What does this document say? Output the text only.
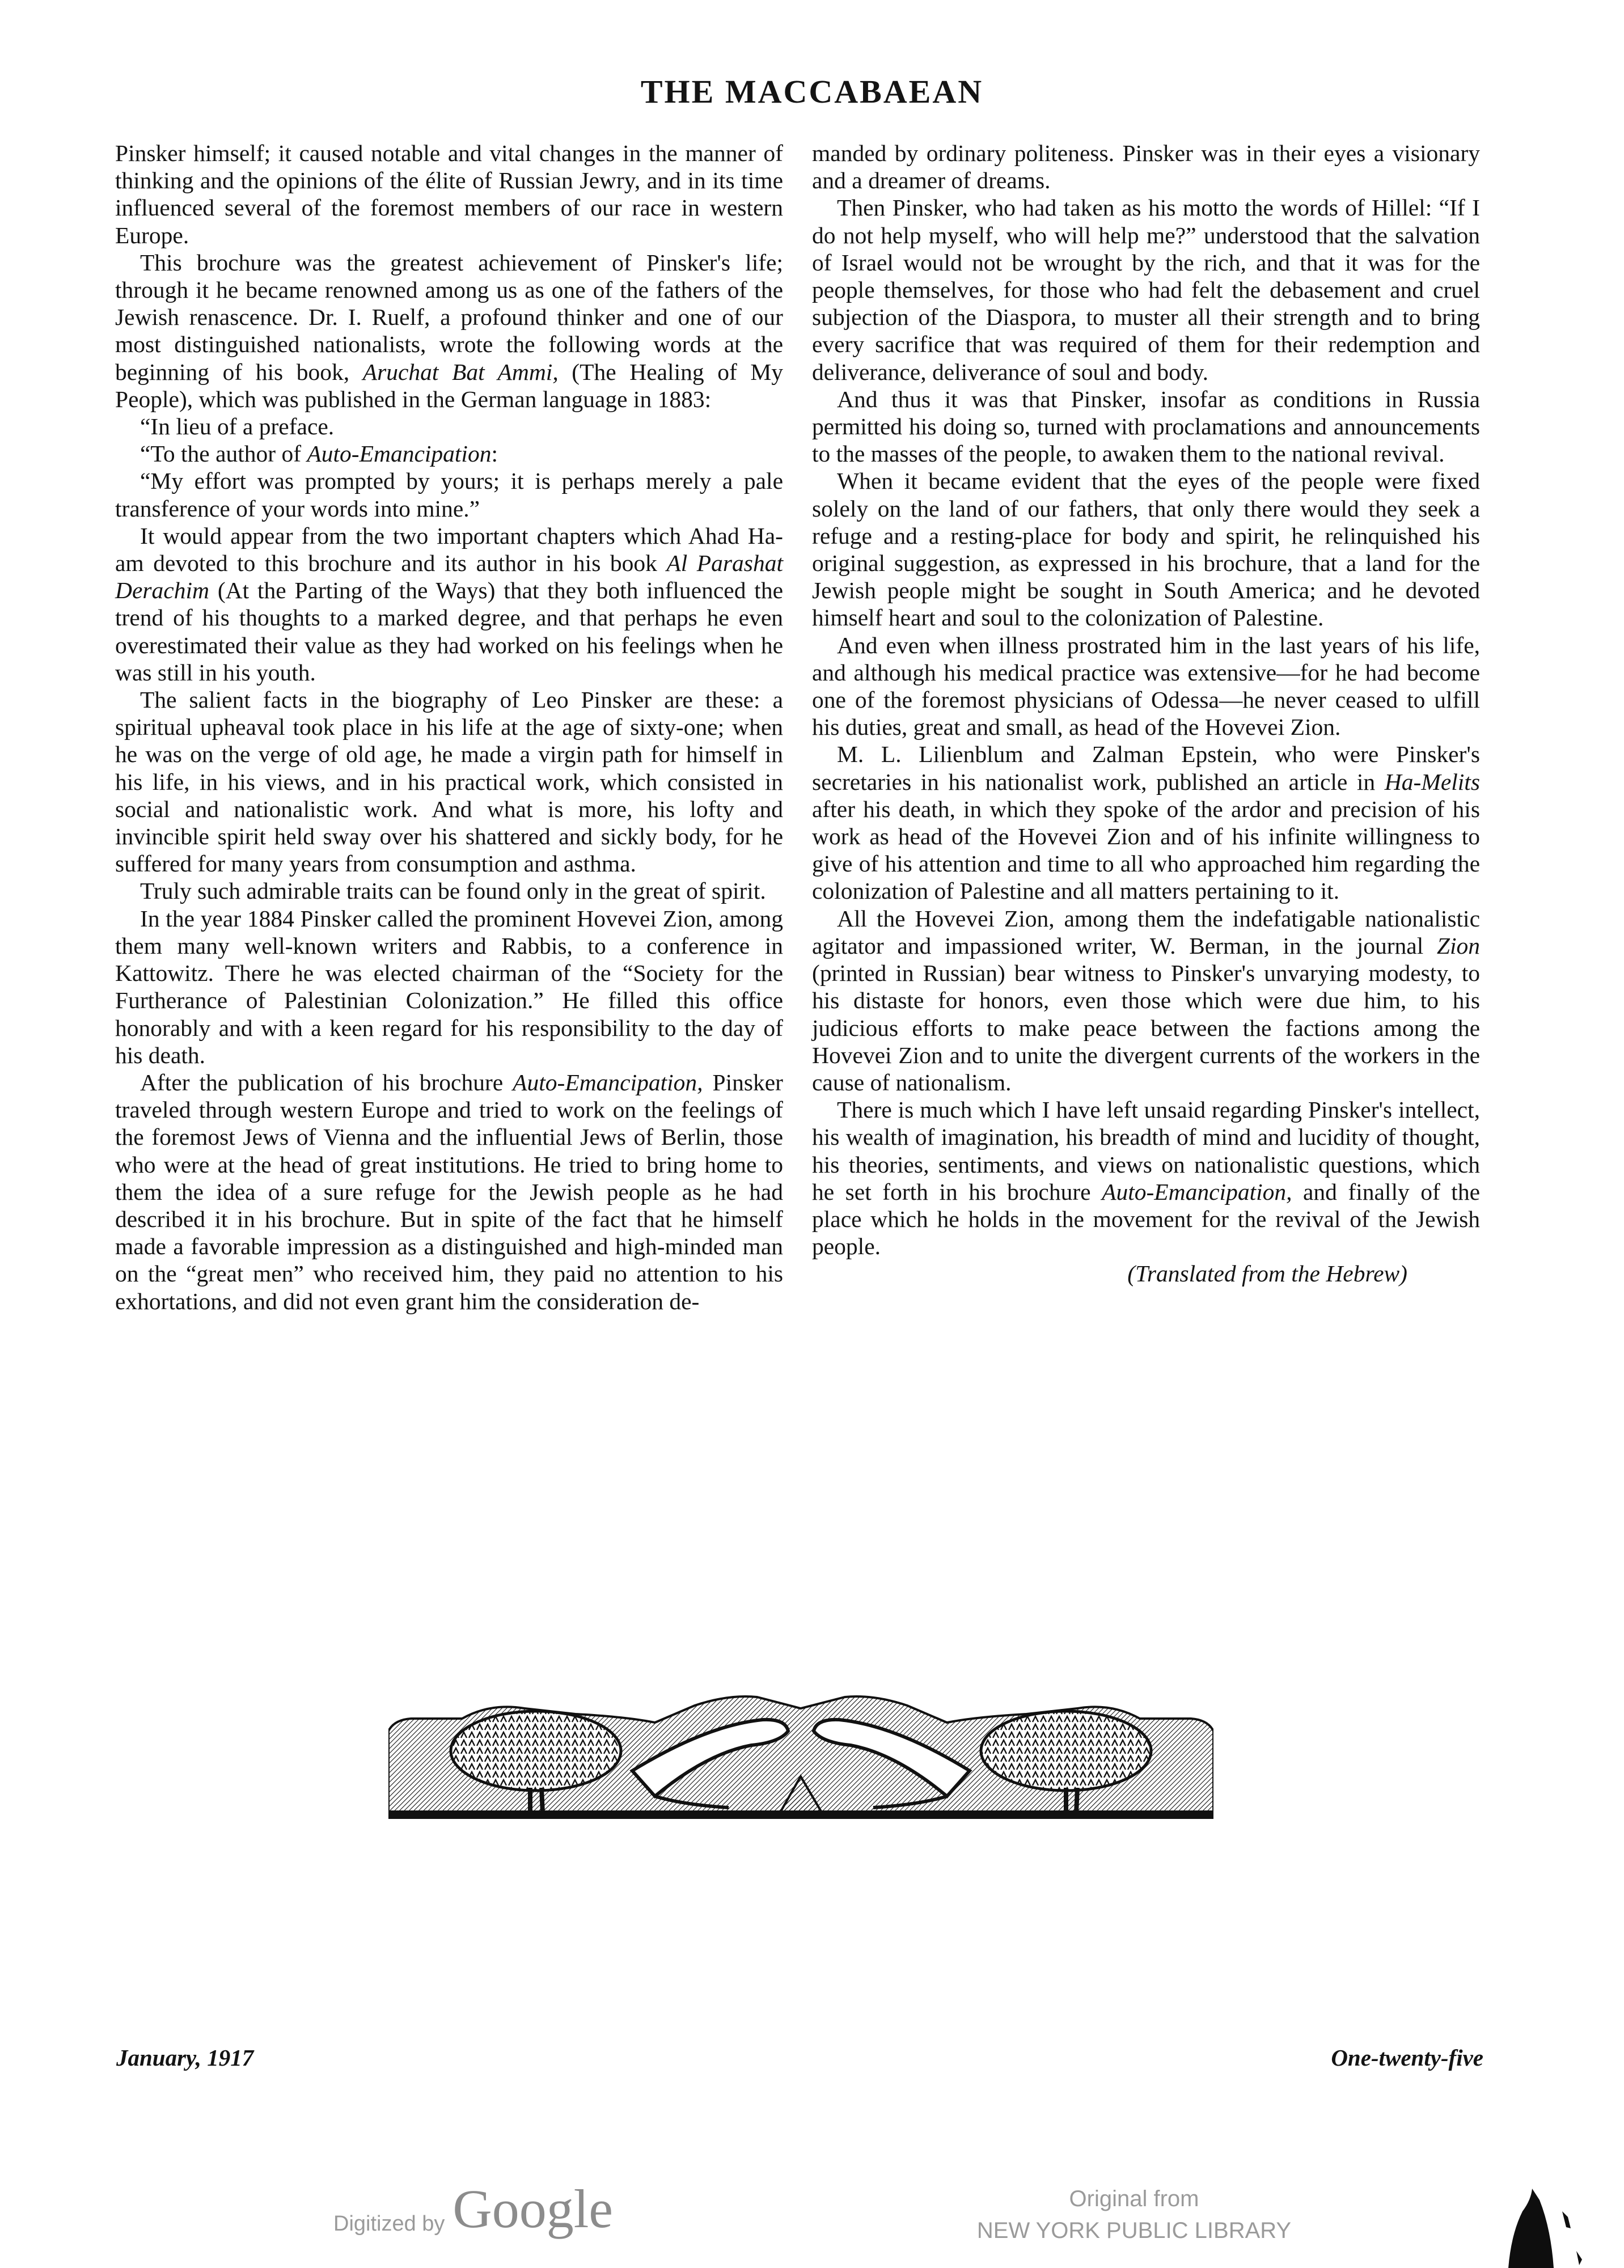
THE MACCABAEAN

Pinsker himself; it caused notable and vital changes in the manner of thinking and the opinions of the élite of Russian Jewry, and in its time influenced several of the foremost members of our race in western Europe.

This brochure was the greatest achievement of Pinsker's life; through it he became renowned among us as one of the fathers of the Jewish renascence. Dr. I. Ruelf, a profound thinker and one of our most distinguished nationalists, wrote the following words at the beginning of his book, Aruchat Bat Ammi, (The Healing of My People), which was published in the German language in 1883:

“In lieu of a preface.

“To the author of Auto-Emancipation:

“My effort was prompted by yours; it is perhaps merely a pale transference of your words into mine.”

It would appear from the two important chapters which Ahad Ha-am devoted to this brochure and its author in his book Al Parashat Derachim (At the Parting of the Ways) that they both influenced the trend of his thoughts to a marked degree, and that perhaps he even overestimated their value as they had worked on his feelings when he was still in his youth.

The salient facts in the biography of Leo Pinsker are these: a spiritual upheaval took place in his life at the age of sixty-one; when he was on the verge of old age, he made a virgin path for himself in his life, in his views, and in his practical work, which consisted in social and nationalistic work. And what is more, his lofty and invincible spirit held sway over his shattered and sickly body, for he suffered for many years from consumption and asthma.

Truly such admirable traits can be found only in the great of spirit.

In the year 1884 Pinsker called the prominent Hovevei Zion, among them many well-known writers and Rabbis, to a conference in Kattowitz. There he was elected chairman of the “Society for the Furtherance of Palestinian Colonization.” He filled this office honorably and with a keen regard for his responsibility to the day of his death.

After the publication of his brochure Auto-Emancipation, Pinsker traveled through western Europe and tried to work on the feelings of the foremost Jews of Vienna and the influential Jews of Berlin, those who were at the head of great institutions. He tried to bring home to them the idea of a sure refuge for the Jewish people as he had described it in his brochure. But in spite of the fact that he himself made a favorable impression as a distinguished and high-minded man on the “great men” who received him, they paid no attention to his exhortations, and did not even grant him the consideration de-

manded by ordinary politeness. Pinsker was in their eyes a visionary and a dreamer of dreams.

Then Pinsker, who had taken as his motto the words of Hillel: “If I do not help myself, who will help me?” understood that the salvation of Israel would not be wrought by the rich, and that it was for the people themselves, for those who had felt the debasement and cruel subjection of the Diaspora, to muster all their strength and to bring every sacrifice that was required of them for their redemption and deliverance, deliverance of soul and body.

And thus it was that Pinsker, insofar as conditions in Russia permitted his doing so, turned with proclamations and announcements to the masses of the people, to awaken them to the national revival.

When it became evident that the eyes of the people were fixed solely on the land of our fathers, that only there would they seek a refuge and a resting-place for body and spirit, he relinquished his original suggestion, as expressed in his brochure, that a land for the Jewish people might be sought in South America; and he devoted himself heart and soul to the colonization of Palestine.

And even when illness prostrated him in the last years of his life, and although his medical practice was extensive—for he had become one of the foremost physicians of Odessa—he never ceased to ulfill his duties, great and small, as head of the Hovevei Zion.

M. L. Lilienblum and Zalman Epstein, who were Pinsker's secretaries in his nationalist work, published an article in Ha-Melits after his death, in which they spoke of the ardor and precision of his work as head of the Hovevei Zion and of his infinite willingness to give of his attention and time to all who approached him regarding the colonization of Palestine and all matters pertaining to it.

All the Hovevei Zion, among them the indefatigable nationalistic agitator and impassioned writer, W. Berman, in the journal Zion (printed in Russian) bear witness to Pinsker's unvarying modesty, to his distaste for honors, even those which were due him, to his judicious efforts to make peace between the factions among the Hovevei Zion and to unite the divergent currents of the workers in the cause of nationalism.

There is much which I have left unsaid regarding Pinsker's intellect, his wealth of imagination, his breadth of mind and lucidity of thought, his theories, sentiments, and views on nationalistic questions, which he set forth in his brochure Auto-Emancipation, and finally of the place which he holds in the movement for the revival of the Jewish people.

(Translated from the Hebrew)

January, 1917	One-twenty-five
Digitized by Google	Original from
NEW YORK PUBLIC LIBRARY
